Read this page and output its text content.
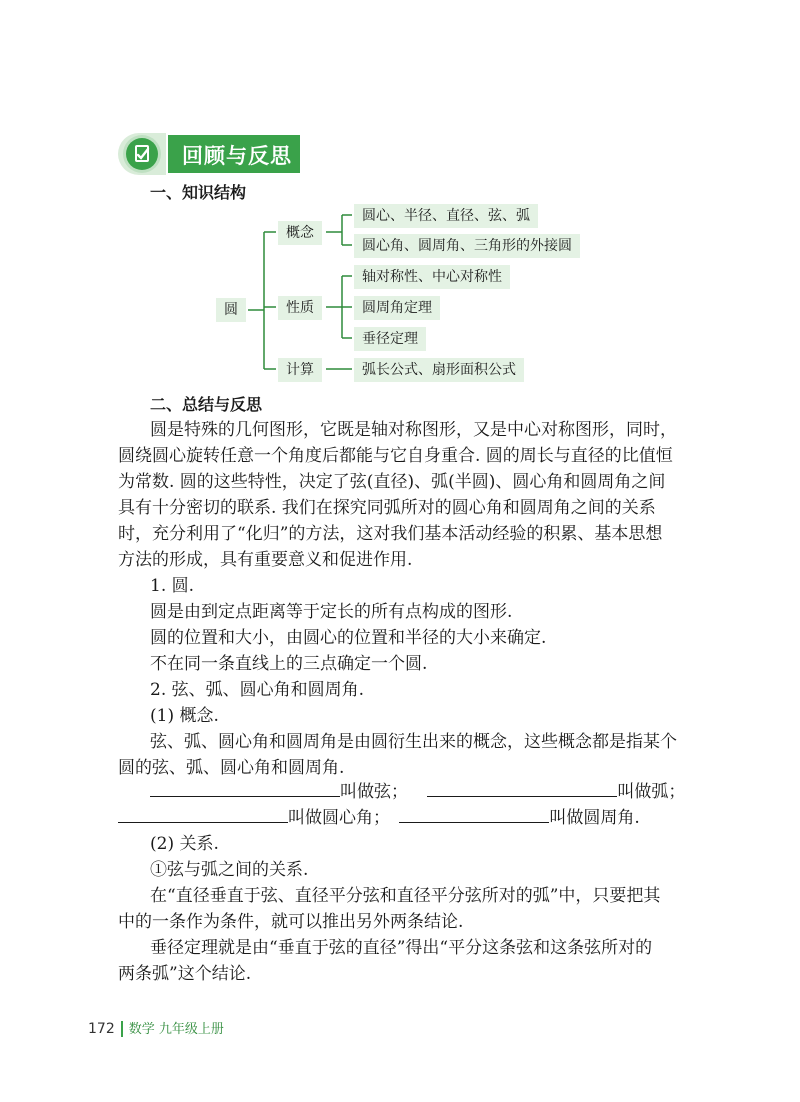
回顾与反思
一、知识结构
圆
概念
性质
计算
圆心、半径、直径、弦、弧
圆心角、圆周角、三角形的外接圆
轴对称性、中心对称性
圆周角定理
垂径定理
弧长公式、扇形面积公式
二、总结与反思
圆是特殊的几何图形，它既是轴对称图形，又是中心对称图形，同时，
圆绕圆心旋转任意一个角度后都能与它自身重合. 圆的周长与直径的比值恒
为常数. 圆的这些特性，决定了弦(直径)、弧(半圆)、圆心角和圆周角之间
具有十分密切的联系. 我们在探究同弧所对的圆心角和圆周角之间的关系
时，充分利用了“化归”的方法，这对我们基本活动经验的积累、基本思想
方法的形成，具有重要意义和促进作用.
1. 圆.
圆是由到定点距离等于定长的所有点构成的图形.
圆的位置和大小，由圆心的位置和半径的大小来确定.
不在同一条直线上的三点确定一个圆.
2. 弦、弧、圆心角和圆周角.
(1) 概念.
弦、弧、圆心角和圆周角是由圆衍生出来的概念，这些概念都是指某个
圆的弦、弧、圆心角和圆周角.
叫做弦；	叫做弧；
叫做圆心角；	叫做圆周角.
(2) 关系.
①弦与弧之间的关系.
在“直径垂直于弦、直径平分弦和直径平分弦所对的弧”中，只要把其
中的一条作为条件，就可以推出另外两条结论.
垂径定理就是由“垂直于弦的直径”得出“平分这条弦和这条弦所对的
两条弧”这个结论.
172 数学 九年级上册
